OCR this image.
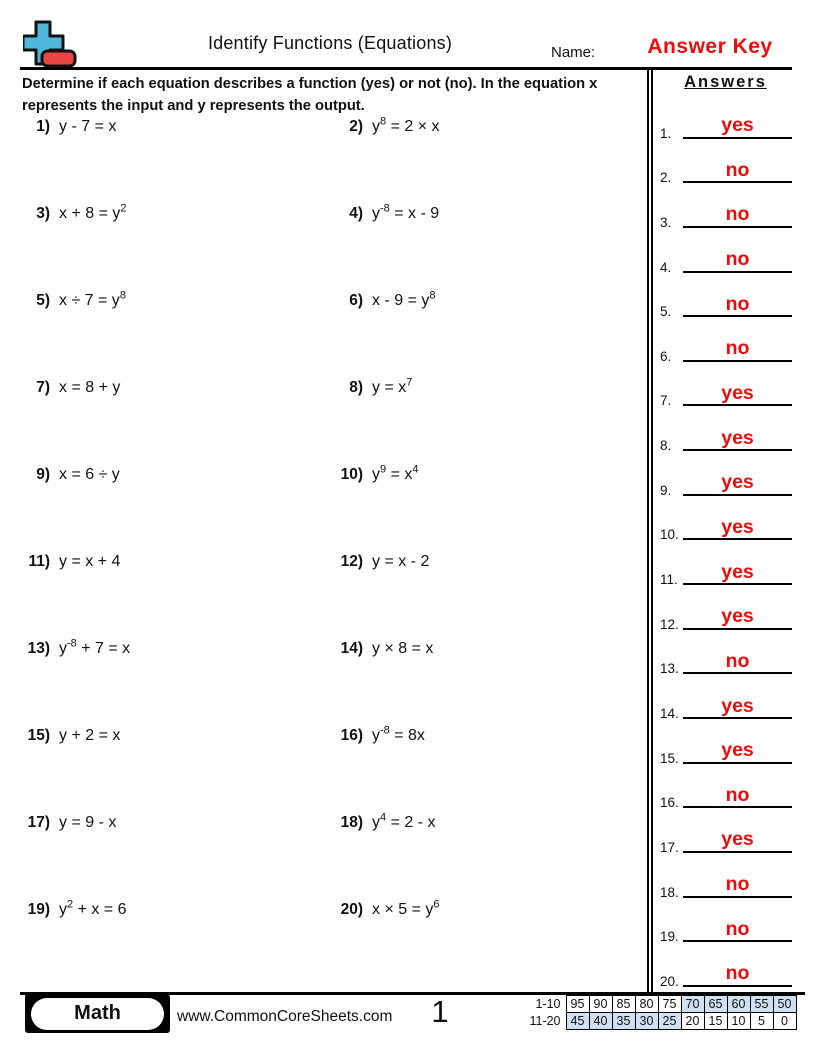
Identify Functions (Equations)	Name:	Answer Key
Determine if each equation describes a function (yes) or not (no). In the equation x represents the input and y represents the output.
1) y - 7 = x	2) $y^8 = 2 \times x$
3) $x + 8 = y^2$	4) $y^{-8} = x - 9$
5) $x \div 7 = y^8$	6) $x - 9 = y^8$
7) x = 8 + y	8) $y = x^7$
9) x = 6 ÷ y	10) $y^9 = x^4$
11) y = x + 4	12) y = x - 2
13) $y^{-8} + 7 = x$	14) y × 8 = x
15) y + 2 = x	16) $y^{-8} = 8x$
17) y = 9 - x	18) $y^4 = 2 - x$
19) $y^2 + x = 6$	20) $x \times 5 = y^6$
Answers
1.	yes
2.	no
3.	no
4.	no
5.	no
6.	no
7.	yes
8.	yes
9.	yes
10.	yes
11.	yes
12.	yes
13.	no
14.	yes
15.	yes
16.	no
17.	yes
18.	no
19.	no
20.	no
Math	www.CommonCoreSheets.com	1	1-10	95	90	85	80	75	70	65	60	55	50
11-20	45	40	35	30	25	20	15	10	5	0
